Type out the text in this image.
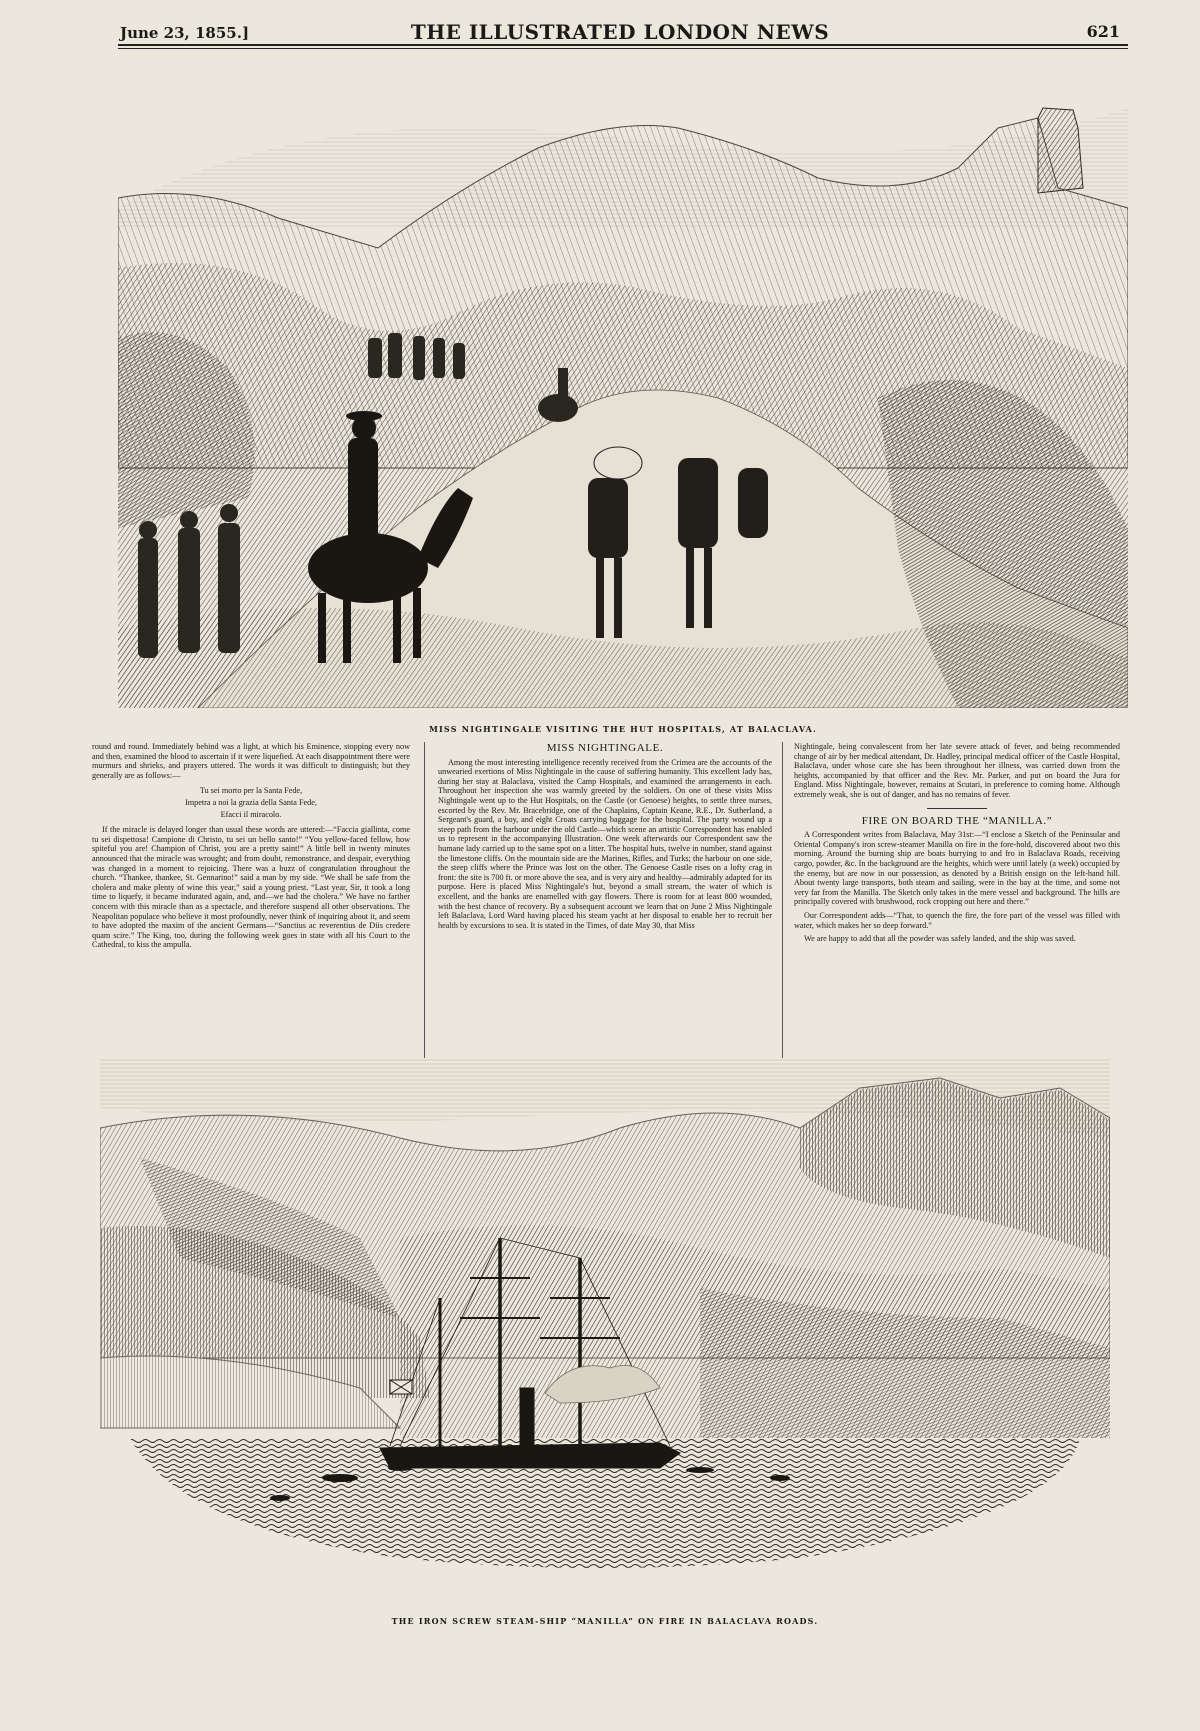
June 23, 1855.]	THE ILLUSTRATED LONDON NEWS	621
MISS NIGHTINGALE VISITING THE HUT HOSPITALS, AT BALACLAVA.

round and round. Immediately behind was a light, at which his Eminence, stopping every now and then, examined the blood to ascertain if it were liquefied. At each disappointment there were murmurs and shrieks, and prayers uttered. The words it was difficult to distinguish; but they generally are as follows:—

Tu sei morto per la Santa Fede,

Impetra a noi la grazia della Santa Fede,

Efacci il miracolo.

If the miracle is delayed longer than usual these words are uttered:—“Faccia giallinta, come tu sei dispettosa! Campione di Christo, tu sei un bello santo!” “You yellow-faced fellow, how spiteful you are! Champion of Christ, you are a pretty saint!” A little bell in twenty minutes announced that the miracle was wrought; and from doubt, remonstrance, and despair, everything was changed in a moment to rejoicing. There was a buzz of congratulation throughout the church. “Thankee, thankee, St. Gennarino!” said a man by my side. “We shall be safe from the cholera and make plenty of wine this year,” said a young priest. “Last year, Sir, it took a long time to liquefy, it became indurated again, and, and—we had the cholera.” We have no farther concern with this miracle than as a spectacle, and therefore suspend all other observations. The Neapolitan populace who believe it most profoundly, never think of inquiring about it, and seem to have adopted the maxim of the ancient Germans—“Sanctius ac reverentius de Diis credere quam scire.” The King, too, during the following week goes in state with all his Court to the Cathedral, to kiss the ampulla.

MISS NIGHTINGALE.

Among the most interesting intelligence recently received from the Crimea are the accounts of the unwearied exertions of Miss Nightingale in the cause of suffering humanity. This excellent lady has, during her stay at Balaclava, visited the Camp Hospitals, and examined the arrangements in each. Throughout her inspection she was warmly greeted by the soldiers. On one of these visits Miss Nightingale went up to the Hut Hospitals, on the Castle (or Genoese) heights, to settle three nurses, escorted by the Rev. Mr. Bracebridge, one of the Chaplains, Captain Keane, R.E., Dr. Sutherland, a Sergeant's guard, a boy, and eight Croats carrying baggage for the hospital. The party wound up a steep path from the harbour under the old Castle—which scene an artistic Correspondent has enabled us to represent in the accompanying Illustration. One week afterwards our Correspondent saw the humane lady carried up to the same spot on a litter. The hospital huts, twelve in number, stand against the limestone cliffs. On the mountain side are the Marines, Rifles, and Turks; the harbour on one side, the steep cliffs where the Prince was lost on the other. The Genoese Castle rises on a lofty crag in front: the site is 700 ft. or more above the sea, and is very airy and healthy—admirably adapted for its purpose. Here is placed Miss Nightingale's hut, beyond a small stream, the water of which is excellent, and the banks are enamelled with gay flowers. There is room for at least 800 wounded, with the best chance of recovery. By a subsequent account we learn that on June 2 Miss Nightingale left Balaclava, Lord Ward having placed his steam yacht at her disposal to enable her to recruit her health by excursions to sea. It is stated in the Times, of date May 30, that Miss

Nightingale, being convalescent from her late severe attack of fever, and being recommended change of air by her medical attendant, Dr. Hadley, principal medical officer of the Castle Hospital, Balaclava, under whose care she has been throughout her illness, was carried down from the heights, accompanied by that officer and the Rev. Mr. Parker, and put on board the Jura for England. Miss Nightingale, however, remains at Scutari, in preference to coming home. Although extremely weak, she is out of danger, and has no remains of fever.

FIRE ON BOARD THE “MANILLA.”

A Correspondent writes from Balaclava, May 31st:—“I enclose a Sketch of the Peninsular and Oriental Company's iron screw-steamer Manilla on fire in the fore-hold, discovered about two this morning. Around the burning ship are boats hurrying to and fro in Balaclava Roads, receiving cargo, powder, &c. In the background are the heights, which were until lately (a week) occupied by the enemy, but are now in our possession, as denoted by a British ensign on the left-hand hill. About twenty large transports, both steam and sailing, were in the bay at the time, and some not very far from the Manilla. The Sketch only takes in the mere vessel and background. The hills are principally covered with brushwood, rock cropping out here and there.”

Our Correspondent adds—“That, to quench the fire, the fore part of the vessel was filled with water, which makes her so deep forward.”

We are happy to add that all the powder was safely landed, and the ship was saved.

THE IRON SCREW STEAM-SHIP “MANILLA” ON FIRE IN BALACLAVA ROADS.
